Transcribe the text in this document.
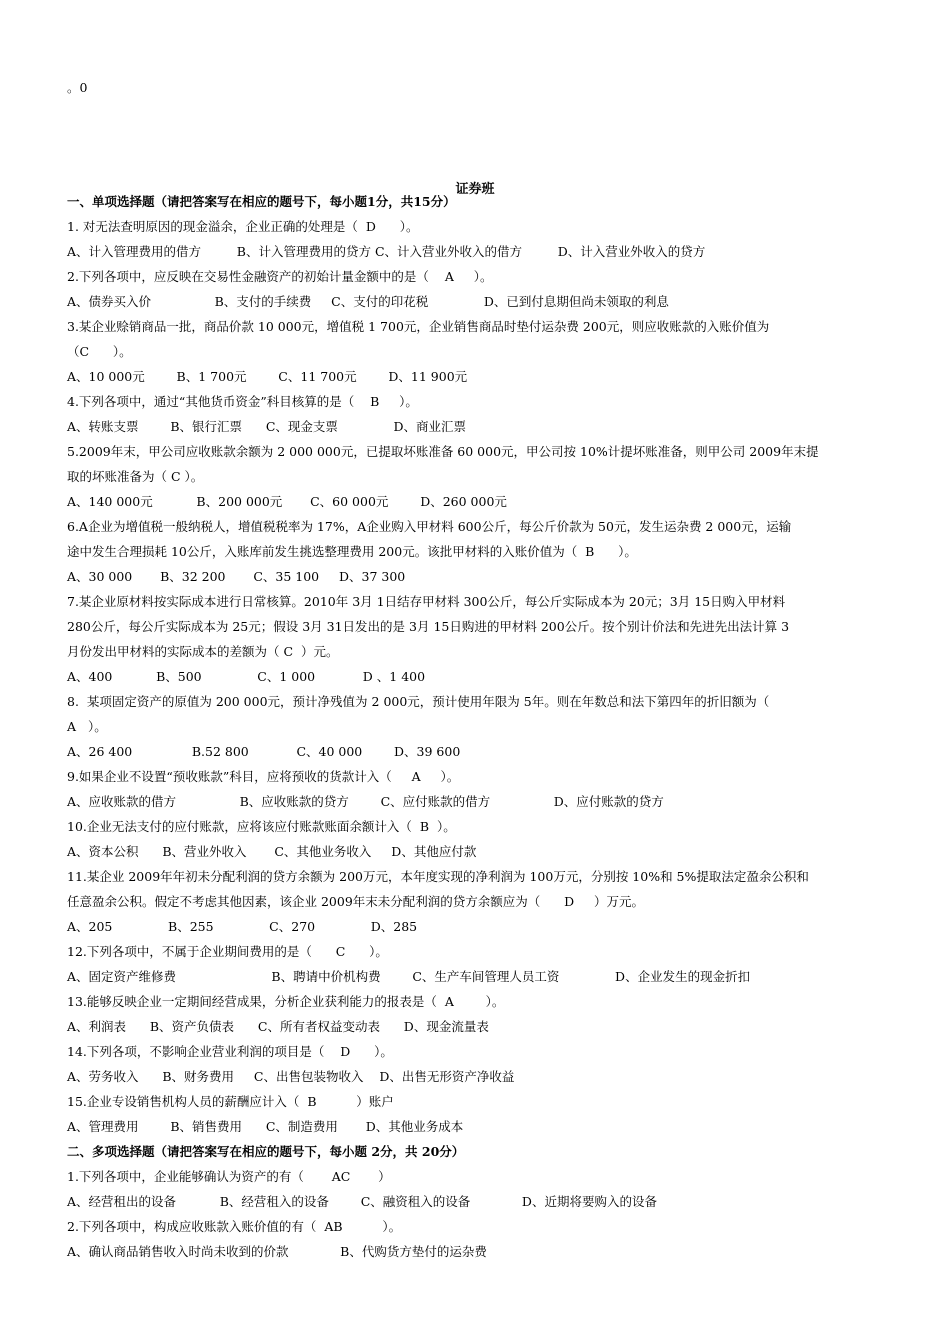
。0
证券班
一、单项选择题（请把答案写在相应的题号下，每小题1分，共15分）
1. 对无法查明原因的现金溢余，企业正确的处理是（  D      ）。
A、计入管理费用的借方         B、计入管理费用的贷方 C、计入营业外收入的借方         D、计入营业外收入的贷方
2.下列各项中，应反映在交易性金融资产的初始计量金额中的是（    A     ）。
A、债券买入价                B、支付的手续费     C、支付的印花税              D、已到付息期但尚未领取的利息
3.某企业赊销商品一批，商品价款 10 000元，增值税 1 700元，企业销售商品时垫付运杂费 200元，则应收账款的入账价值为
（C      ）。
A、10 000元        B、1 700元        C、11 700元        D、11 900元
4.下列各项中，通过“其他货币资金”科目核算的是（    B     ）。
A、转账支票        B、银行汇票      C、现金支票              D、商业汇票
5.2009年末，甲公司应收账款余额为 2 000 000元，已提取坏账准备 60 000元，甲公司按 10%计提坏账准备，则甲公司 2009年末提
取的坏账准备为（ C ）。
A、140 000元           B、200 000元       C、60 000元        D、260 000元
6.A企业为增值税一般纳税人，增值税税率为 17%，A企业购入甲材料 600公斤，每公斤价款为 50元，发生运杂费 2 000元，运输
途中发生合理损耗 10公斤，入账库前发生挑选整理费用 200元。该批甲材料的入账价值为（  B      ）。
A、30 000       B、32 200       C、35 100     D、37 300
7.某企业原材料按实际成本进行日常核算。2010年 3月 1日结存甲材料 300公斤，每公斤实际成本为 20元；3月 15日购入甲材料
280公斤，每公斤实际成本为 25元；假设 3月 31日发出的是 3月 15日购进的甲材料 200公斤。按个别计价法和先进先出法计算 3
月份发出甲材料的实际成本的差额为（ C  ）元。
A、400           B、500              C、1 000            D 、1 400
8.  某项固定资产的原值为 200 000元，预计净残值为 2 000元，预计使用年限为 5年。则在年数总和法下第四年的折旧额为（
A   ）。
A、26 400               B.52 800            C、40 000        D、39 600
9.如果企业不设置“预收账款”科目，应将预收的货款计入（     A     ）。
A、应收账款的借方                B、应收账款的贷方        C、应付账款的借方                D、应付账款的贷方
10.企业无法支付的应付账款，应将该应付账款账面余额计入（  B  ）。
A、资本公积      B、营业外收入       C、其他业务收入     D、其他应付款
11.某企业 2009年年初未分配利润的贷方余额为 200万元，本年度实现的净利润为 100万元，分别按 10%和 5%提取法定盈余公积和
任意盈余公积。假定不考虑其他因素，该企业 2009年末未分配利润的贷方余额应为（      D     ）万元。
A、205              B、255              C、270              D、285
12.下列各项中，不属于企业期间费用的是（      C      ）。
A、固定资产维修费                        B、聘请中价机构费        C、生产车间管理人员工资              D、企业发生的现金折扣
13.能够反映企业一定期间经营成果，分析企业获利能力的报表是（  A        ）。
A、利润表      B、资产负债表      C、所有者权益变动表      D、现金流量表
14.下列各项，不影响企业营业利润的项目是（    D      ）。
A、劳务收入      B、财务费用     C、出售包装物收入    D、出售无形资产净收益
15.企业专设销售机构人员的薪酬应计入（  B          ）账户
A、管理费用        B、销售费用      C、制造费用       D、其他业务成本
二、多项选择题（请把答案写在相应的题号下，每小题 2分，共 20分）
1.下列各项中，企业能够确认为资产的有（       AC       ）
A、经营租出的设备           B、经营租入的设备        C、融资租入的设备             D、近期将要购入的设备
2.下列各项中，构成应收账款入账价值的有（  AB          ）。
A、确认商品销售收入时尚未收到的价款             B、代购货方垫付的运杂费
